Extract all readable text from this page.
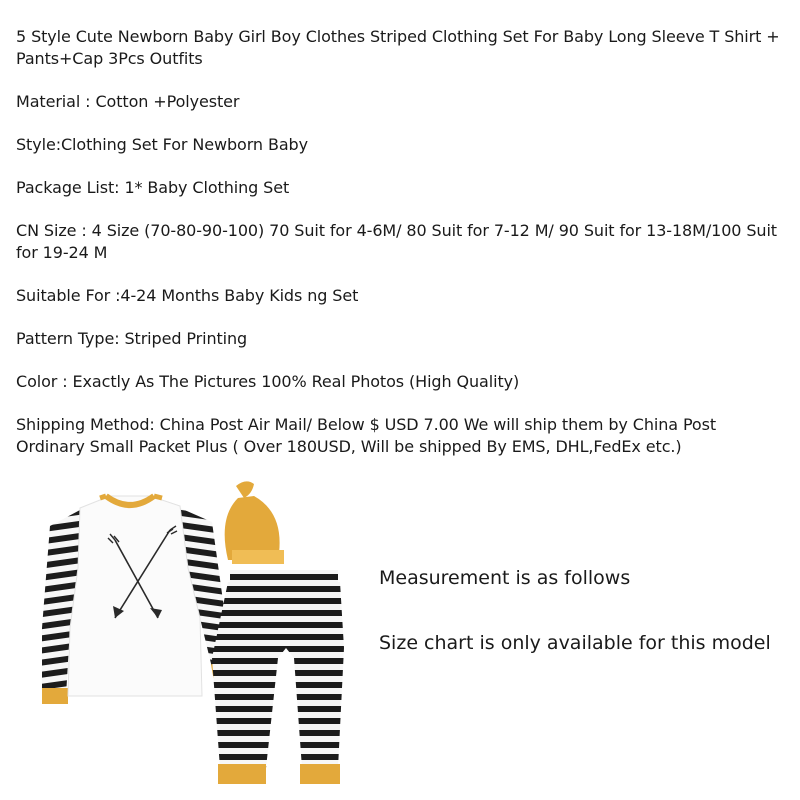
5 Style Cute Newborn Baby Girl Boy Clothes Striped Clothing Set For Baby Long Sleeve T Shirt + Pants+Cap 3Pcs Outfits

Material : Cotton +Polyester

Style:Clothing Set For Newborn Baby

Package List: 1* Baby Clothing Set

CN Size : 4 Size (70-80-90-100) 70 Suit for 4-6M/ 80 Suit for 7-12 M/ 90 Suit for 13-18M/100 Suit for 19-24 M

Suitable For :4-24 Months Baby Kids ng Set

Pattern Type: Striped Printing

Color : Exactly As The Pictures 100% Real Photos (High Quality)

Shipping Method: China Post Air Mail/ Below $ USD 7.00 We will ship them by China Post Ordinary Small Packet Plus ( Over 180USD, Will be shipped By EMS, DHL,FedEx etc.)

Measurement is as follows

Size chart is only available for this model
